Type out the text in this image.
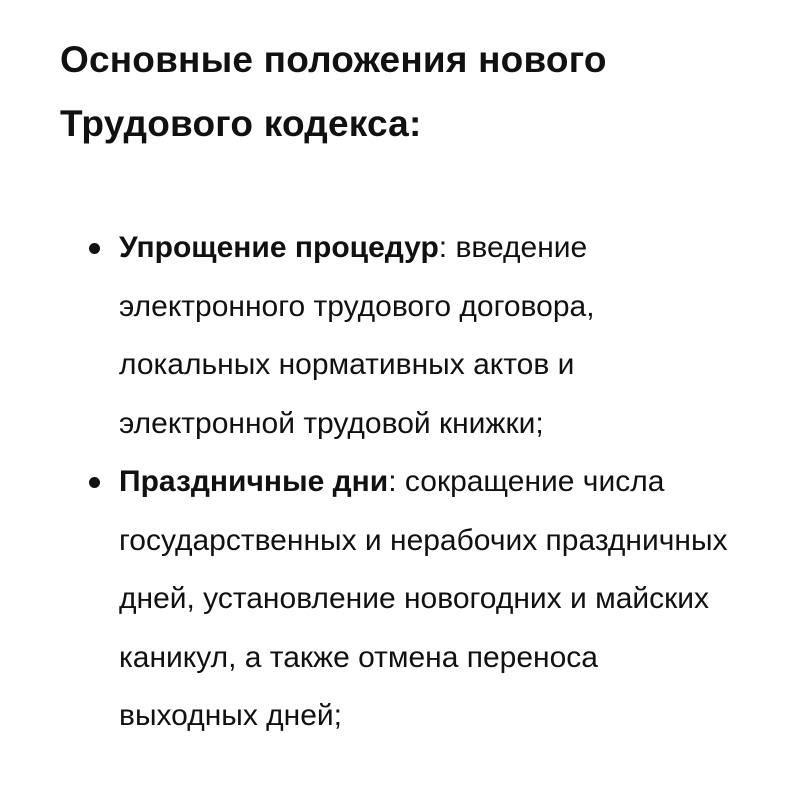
Основные положения нового Трудового кодекса:
Упрощение процедур: введение электронного трудового договора, локальных нормативных актов и электронной трудовой книжки;
Праздничные дни: сокращение числа государственных и нерабочих праздничных дней, установление новогодних и майских каникул, а также отмена переноса выходных дней;
